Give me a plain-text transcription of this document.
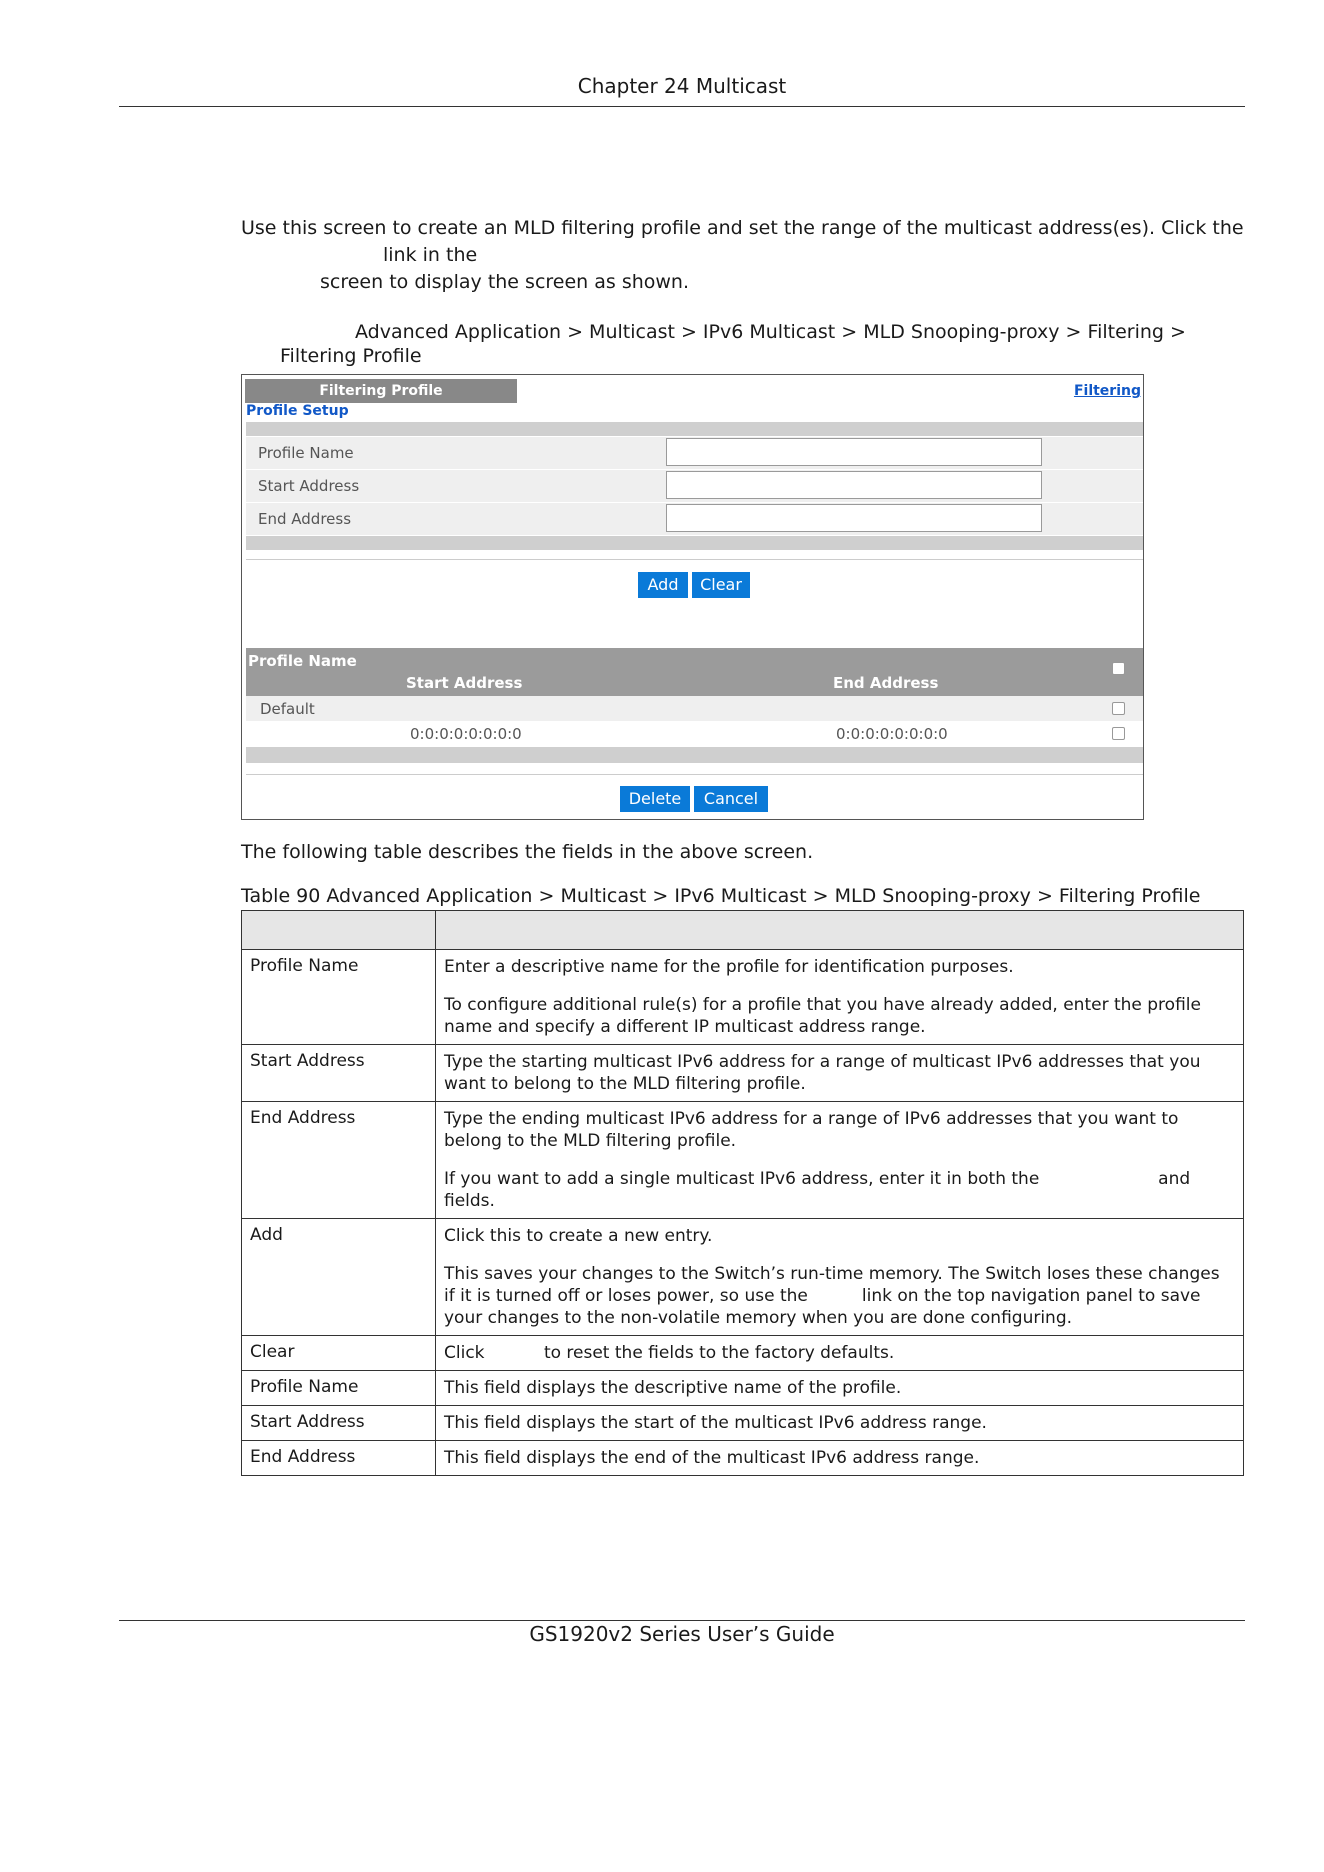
Chapter 24 Multicast
Use this screen to create an MLD filtering profile and set the range of the multicast address(es). Click the
link in the
screen to display the screen as shown.
Advanced Application > Multicast > IPv6 Multicast > MLD Snooping-proxy > Filtering >
Filtering Profile
Filtering Profile	Filtering
Profile Setup
Profile Name
Start Address
End Address
Add	Clear
Profile Name
Start Address	End Address
Default
0:0:0:0:0:0:0:0	0:0:0:0:0:0:0:0
Delete	Cancel
The following table describes the fields in the above screen.
Table 90 Advanced Application > Multicast > IPv6 Multicast > MLD Snooping-proxy > Filtering Profile

Profile Name	Enter a descriptive name for the profile for identification purposes.

To configure additional rule(s) for a profile that you have already added, enter the profile name and specify a different IP multicast address range.

Start Address	Type the starting multicast IPv6 address for a range of multicast IPv6 addresses that you want to belong to the MLD filtering profile.

End Address	Type the ending multicast IPv6 address for a range of IPv6 addresses that you want to belong to the MLD filtering profile.

If you want to add a single multicast IPv6 address, enter it in both the                      and                fields.

Add	Click this to create a new entry.

This saves your changes to the Switch’s run-time memory. The Switch loses these changes if it is turned off or loses power, so use the          link on the top navigation panel to save your changes to the non-volatile memory when you are done configuring.

Clear	Click           to reset the fields to the factory defaults.

Profile Name	This field displays the descriptive name of the profile.

Start Address	This field displays the start of the multicast IPv6 address range.

End Address	This field displays the end of the multicast IPv6 address range.

GS1920v2 Series User’s Guide
